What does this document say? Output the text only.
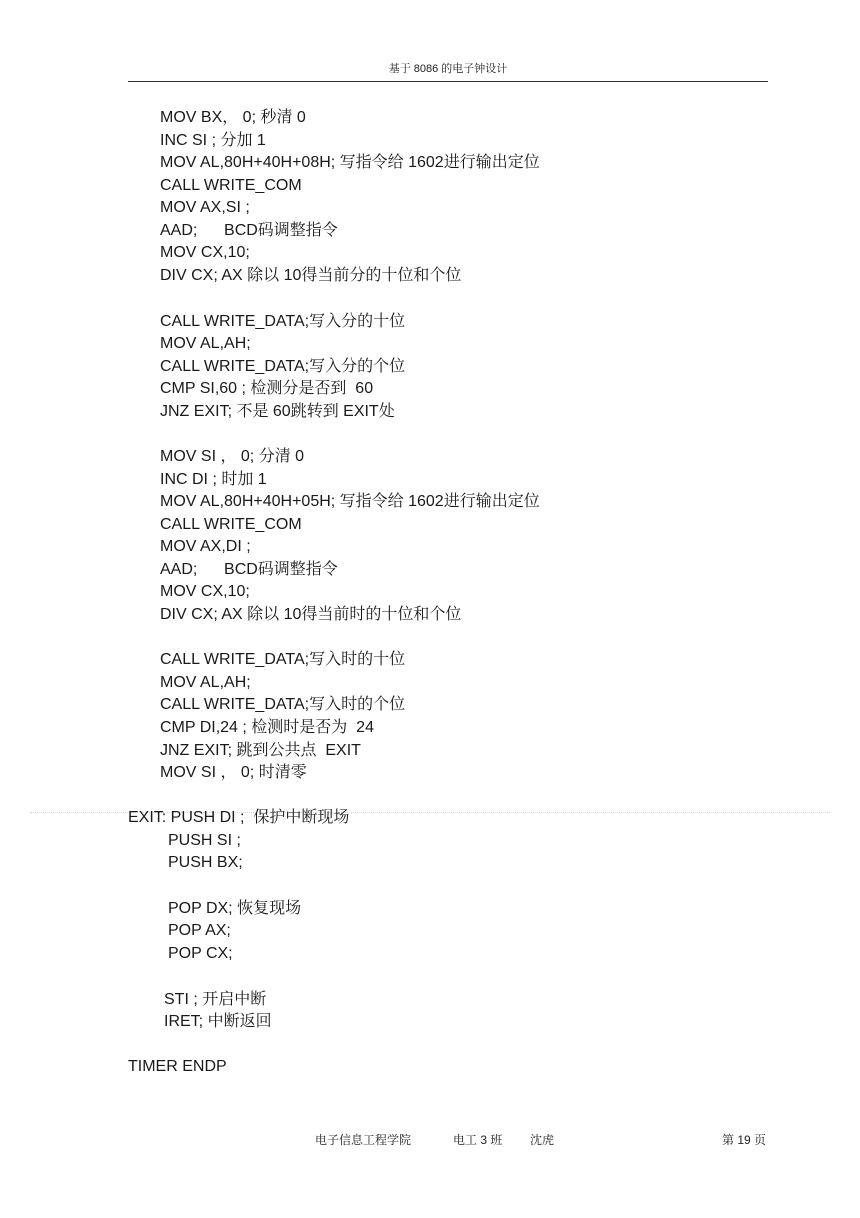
基于 8086 的电子钟设计
MOV BX， 0; 秒清 0
INC SI ; 分加 1
MOV AL,80H+40H+08H; 写指令给 1602进行输出定位
CALL WRITE_COM
MOV AX,SI ;
AAD;      BCD码调整指令
MOV CX,10;
DIV CX; AX 除以 10得当前分的十位和个位
CALL WRITE_DATA;写入分的十位
MOV AL,AH;
CALL WRITE_DATA;写入分的个位
CMP SI,60 ; 检测分是否到  60
JNZ EXIT; 不是 60跳转到 EXIT处
MOV SI ， 0; 分清 0
INC DI ; 时加 1
MOV AL,80H+40H+05H; 写指令给 1602进行输出定位
CALL WRITE_COM
MOV AX,DI ;
AAD;      BCD码调整指令
MOV CX,10;
DIV CX; AX 除以 10得当前时的十位和个位
CALL WRITE_DATA;写入时的十位
MOV AL,AH;
CALL WRITE_DATA;写入时的个位
CMP DI,24 ; 检测时是否为  24
JNZ EXIT; 跳到公共点  EXIT
MOV SI ， 0; 时清零
EXIT: PUSH DI ;  保护中断现场
PUSH SI ;
PUSH BX;
POP DX; 恢复现场
POP AX;
POP CX;
STI ; 开启中断
IRET; 中断返回
TIMER ENDP
电子信息工程学院	电工 3 班 沈虎	第 19 页
